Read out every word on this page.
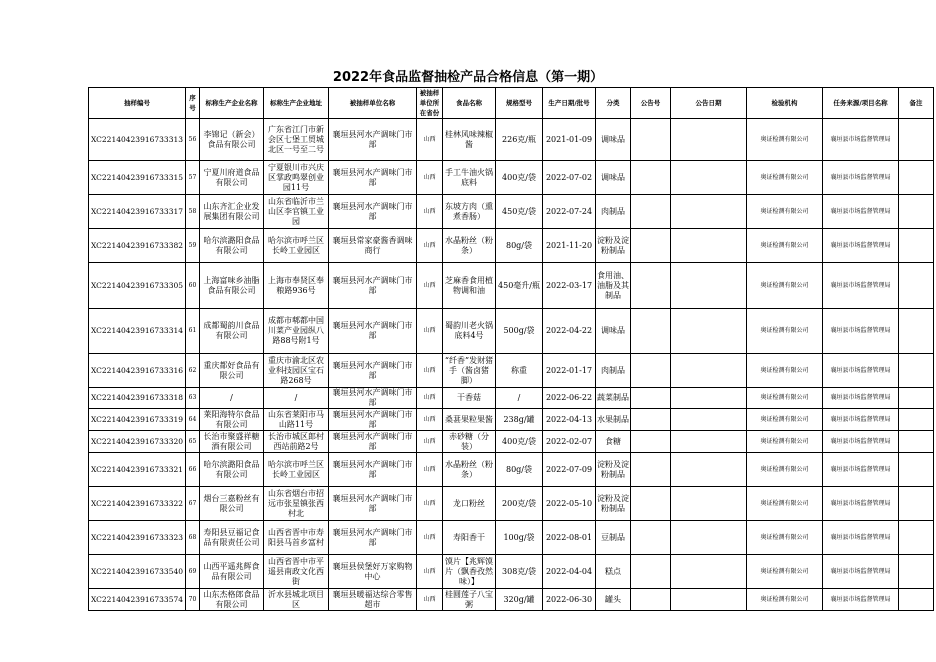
2022年食品监督抽检产品合格信息（第一期）
抽样编号	序号	标称生产企业名称	标称生产企业地址	被抽样单位名称	被抽样单位所在省份	食品名称	规格型号	生产日期/批号	分类	公告号	公告日期	检验机构	任务来源/项目名称	备注
XC22140423916733313	56	李锦记（新会）食品有限公司	广东省江门市新会区七堡工贸城北区一号至二号	襄垣县河水产调味门市部	山西	桂林风味辣椒酱	226克/瓶	2021-01-09	调味品			奥证检测有限公司	襄垣县市场监督管理局	
XC22140423916733315	57	宁夏川府道食品有限公司	宁夏银川市兴庆区掌政鸣翠创业园11号	襄垣县河水产调味门市部	山西	手工牛油火锅底料	400克/袋	2022-07-02	调味品			奥证检测有限公司	襄垣县市场监督管理局	
XC22140423916733317	58	山东齐汇企业发展集团有限公司	山东省临沂市兰山区李官镇工业园	襄垣县河水产调味门市部	山西	东坡方肉（熏煮香肠）	450克/袋	2022-07-24	肉制品			奥证检测有限公司	襄垣县市场监督管理局	
XC22140423916733382	59	哈尔滨潞阳食品有限公司	哈尔滨市呼兰区长岭工业园区	襄垣县常家豪酱香调味商行	山西	水晶粉丝（粉条）	80g/袋	2021-11-20	淀粉及淀粉制品			奥证检测有限公司	襄垣县市场监督管理局	
XC22140423916733305	60	上海富味乡油脂食品有限公司	上海市奉贤区奉粮路936号	襄垣县河水产调味门市部	山西	芝麻香食用植物调和油	450毫升/瓶	2022-03-17	食用油、油脂及其制品			奥证检测有限公司	襄垣县市场监督管理局	
XC22140423916733314	61	成都蜀韵川食品有限公司	成都市郫都中国川菜产业园纵八路88号附1号	襄垣县河水产调味门市部	山西	蜀韵川老火锅底料4号	500g/袋	2022-04-22	调味品			奥证检测有限公司	襄垣县市场监督管理局	
XC22140423916733316	62	重庆都好食品有限公司	重庆市渝北区农业科技园区宝石路268号	襄垣县河水产调味门市部	山西	“纤香”发财猪手（酱卤猪脚）	称重	2022-01-17	肉制品			奥证检测有限公司	襄垣县市场监督管理局	
XC22140423916733318	63	/	/	襄垣县河水产调味门市部	山西	干香菇	/	2022-06-22	蔬菜制品			奥证检测有限公司	襄垣县市场监督管理局	
XC22140423916733319	64	莱阳海特尔食品有限公司	山东省莱阳市马山路11号	襄垣县河水产调味门市部	山西	桑葚果粒果酱	238g/罐	2022-04-13	水果制品			奥证检测有限公司	襄垣县市场监督管理局	
XC22140423916733320	65	长治市聚盛祥糖酒有限公司	长治市城区郎村西站前路2号	襄垣县河水产调味门市部	山西	赤砂糖（分装）	400克/袋	2022-02-07	食糖			奥证检测有限公司	襄垣县市场监督管理局	
XC22140423916733321	66	哈尔滨潞阳食品有限公司	哈尔滨市呼兰区长岭工业园区	襄垣县河水产调味门市部	山西	水晶粉丝（粉条）	80g/袋	2022-07-09	淀粉及淀粉制品			奥证检测有限公司	襄垣县市场监督管理局	
XC22140423916733322	67	烟台三嘉粉丝有限公司	山东省烟台市招远市张星镇张西村北	襄垣县河水产调味门市部	山西	龙口粉丝	200克/袋	2022-05-10	淀粉及淀粉制品			奥证检测有限公司	襄垣县市场监督管理局	
XC22140423916733323	68	寿阳县豆福记食品有限责任公司	山西省晋中市寿阳县马首乡富村	襄垣县河水产调味门市部	山西	寿阳香干	100g/袋	2022-08-01	豆制品			奥证检测有限公司	襄垣县市场监督管理局	
XC22140423916733540	69	山西平遥兆辉食品有限公司	山西省晋中市平遥县南政文化西街	襄垣县侯堡好万家购物中心	山西	馍片【兆辉馍片（飘香孜然味）】	308克/袋	2022-04-04	糕点			奥证检测有限公司	襄垣县市场监督管理局	
XC22140423916733574	70	山东杰格郎食品有限公司	沂水县城北项目区	襄垣县暖福达综合零售超市	山西	桂圆莲子八宝粥	320g/罐	2022-06-30	罐头			奥证检测有限公司	襄垣县市场监督管理局	
